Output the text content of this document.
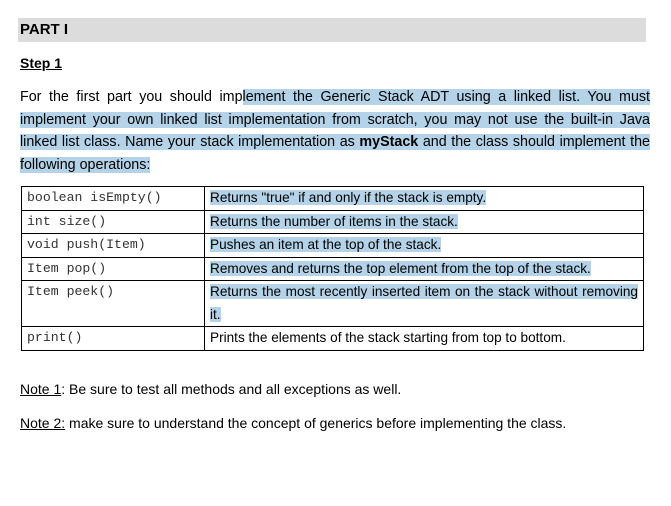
PART I
Step 1
For the first part you should implement the Generic Stack ADT using a linked list. You must implement your own linked list implementation from scratch, you may not use the built-in Java linked list class. Name your stack implementation as myStack and the class should implement the following operations:
boolean isEmpty()	Returns "true" if and only if the stack is empty.
int size()	Returns the number of items in the stack.
void push(Item)	Pushes an item at the top of the stack.
Item pop()	Removes and returns the top element from the top of the stack.
Item peek()	Returns the most recently inserted item on the stack without removing it.
print()	Prints the elements of the stack starting from top to bottom.
Note 1: Be sure to test all methods and all exceptions as well.
Note 2: make sure to understand the concept of generics before implementing the class.
